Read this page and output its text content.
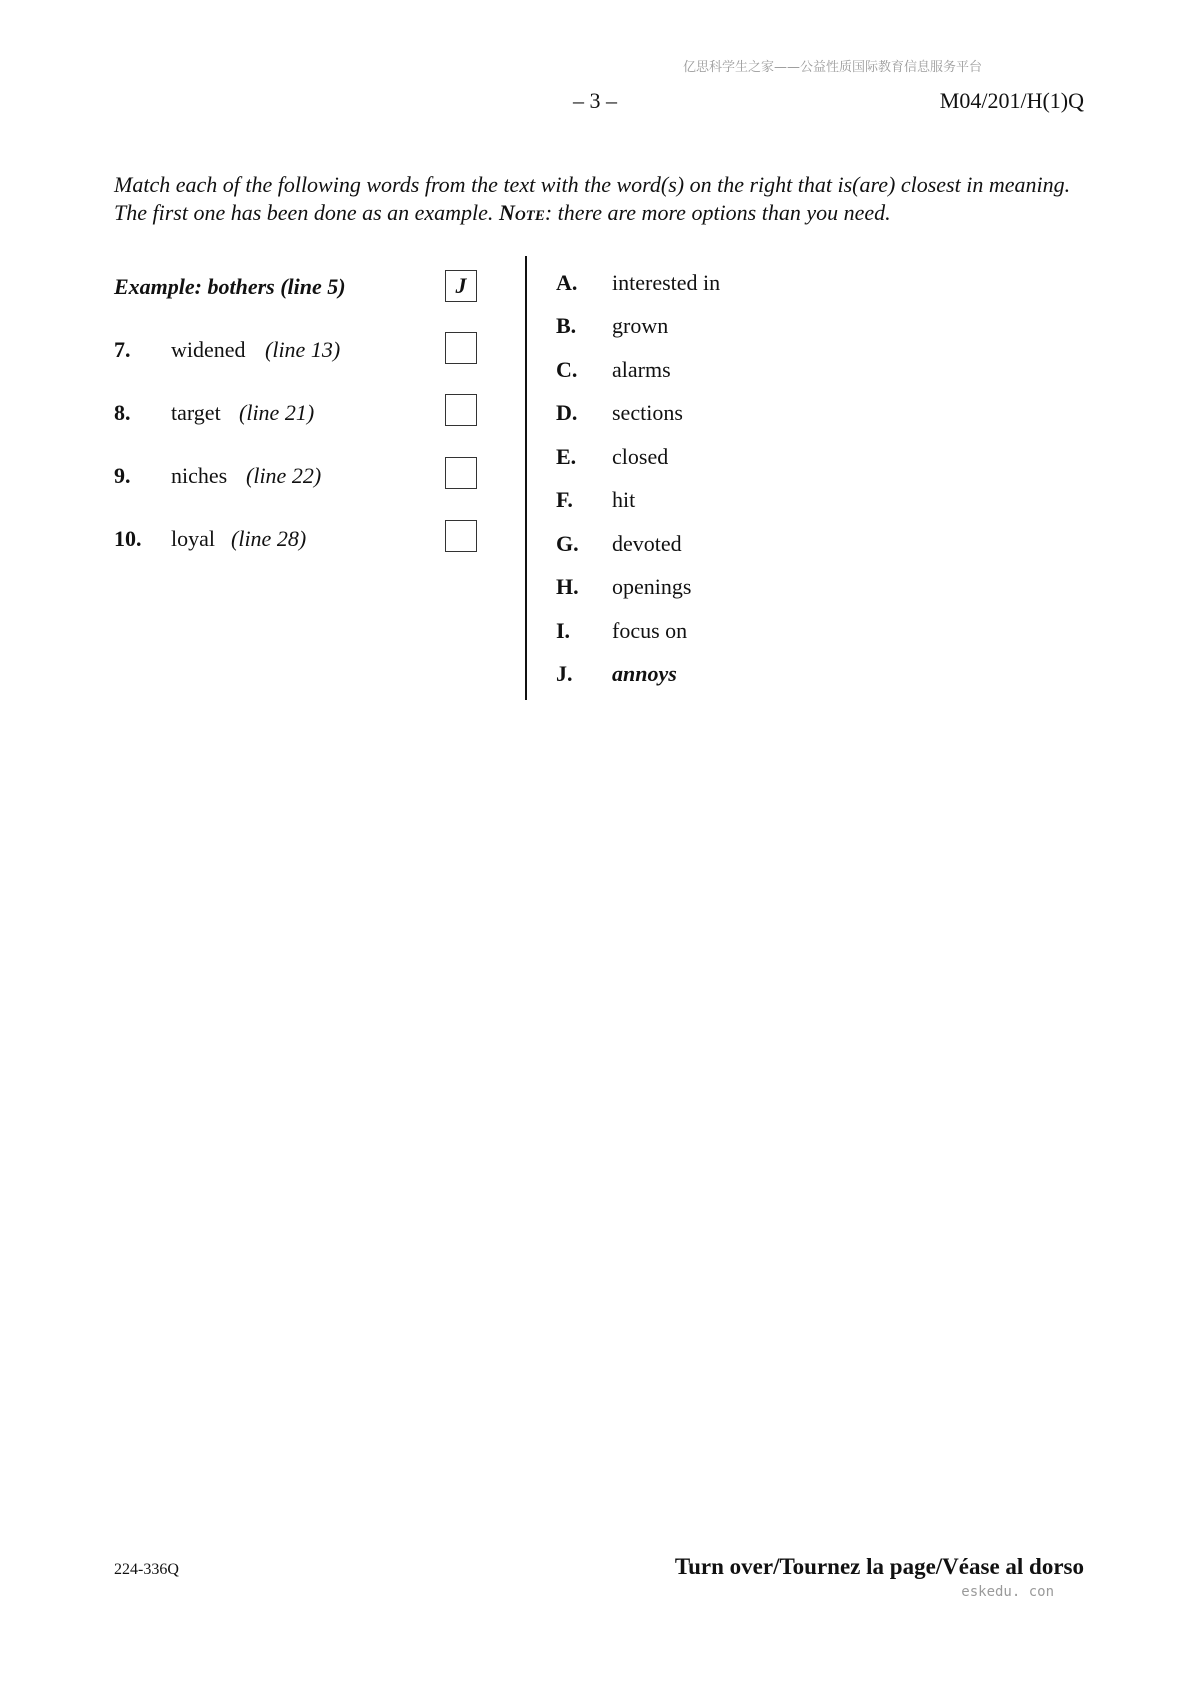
亿思科学生之家——公益性质国际教育信息服务平台
– 3 –	M04/201/H(1)Q
Match each of the following words from the text with the word(s) on the right that is(are) closest in meaning. The first one has been done as an example. Note: there are more options than you need.
Example: bothers (line 5)	J
7. widened (line 13)
8. target (line 21)
9. niches (line 22)
10. loyal (line 28)
A. interested in
B. grown
C. alarms
D. sections
E. closed
F. hit
G. devoted
H. openings
I. focus on
J. annoys
224-336Q	Turn over/Tournez la page/Véase al dorso
eskedu. con
